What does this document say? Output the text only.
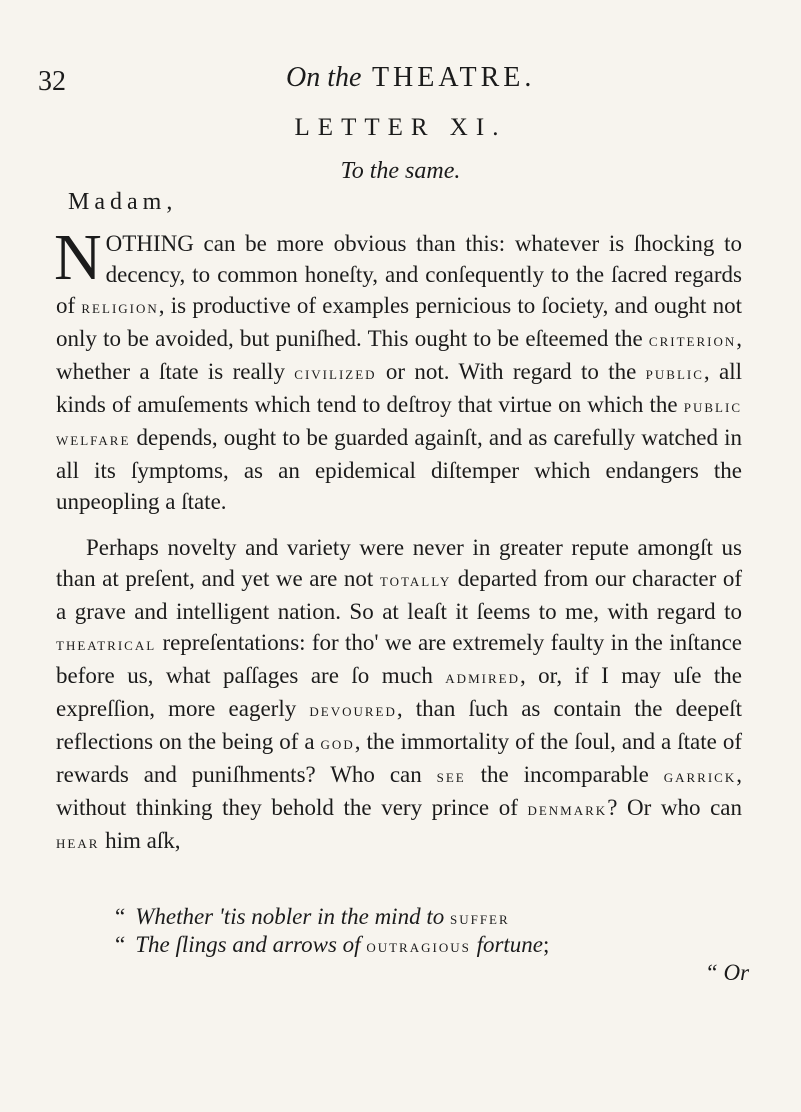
32	On the THEATRE.
LETTER XI.
To the same.
Madam,
NOTHING can be more obvious than this: whatever is ſhocking to decency, to common honeſty, and conſequently to the ſacred regards of religion, is productive of examples pernicious to ſociety, and ought not only to be avoided, but puniſhed. This ought to be eſteemed the criterion, whether a ſtate is really civilized or not. With regard to the public, all kinds of amuſements which tend to deſtroy that virtue on which the public welfare depends, ought to be guarded againſt, and as carefully watched in all its ſymptoms, as an epidemical diſtemper which endangers the unpeopling a ſtate.
Perhaps novelty and variety were never in greater repute amongſt us than at preſent, and yet we are not totally departed from our character of a grave and intelligent nation. So at leaſt it ſeems to me, with regard to theatrical repreſentations: for tho' we are extremely faulty in the inſtance before us, what paſſages are ſo much admired, or, if I may uſe the expreſſion, more eagerly devoured, than ſuch as contain the deepeſt reflections on the being of a god, the immortality of the ſoul, and a ſtate of rewards and puniſhments? Who can see the incomparable garrick, without thinking they behold the very prince of denmark? Or who can hear him aſk,
“ Whether 'tis nobler in the mind to suffer
“ The ſlings and arrows of outragious fortune;
“ Or
